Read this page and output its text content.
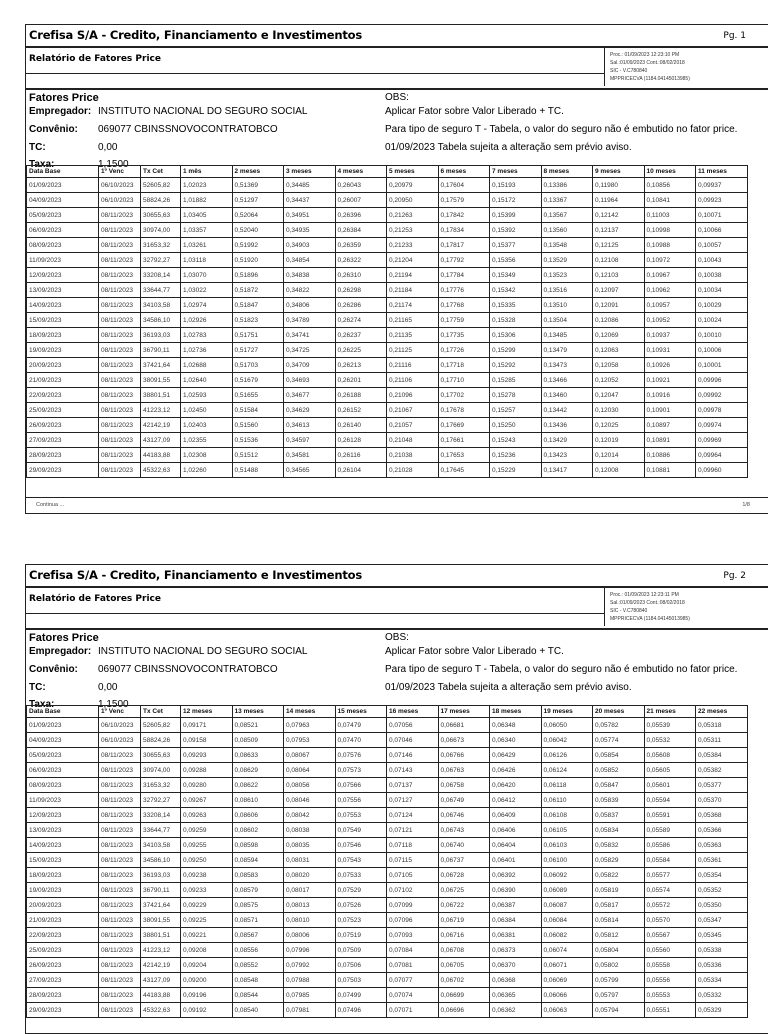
Crefisa S/A - Credito, Financiamento e Investimentos	Pg. 1
Relatório de Fatores Price	Proc.: 01/09/2023 12:23:10 PM
Sal.:01/09/2023 Cont.:08/02/2018
SIC - V.C780840
MPPRICECVA (1184.04145013985)
Fatores Price
Empregador: INSTITUTO NACIONAL DO SEGURO SOCIAL
Convênio: 069077 CBINSSNOVOCONTRATOBCO
TC:	0,00
Taxa:	1,1500
OBS:
Aplicar Fator sobre Valor Liberado + TC.
Para tipo de seguro T - Tabela, o valor do seguro não é embutido no fator price.
01/09/2023 Tabela sujeita a alteração sem prévio aviso.
Data Base	1º Venc	Tx Cet	1 mês	2 meses	3 meses	4 meses	5 meses	6 meses	7 meses	8 meses	9 meses	10 meses	11 meses
01/09/2023	06/10/2023	52605,82	1,02023	0,51369	0,34485	0,26043	0,20979	0,17604	0,15193	0,13386	0,11980	0,10856	0,09937
04/09/2023	06/10/2023	58824,26	1,01882	0,51297	0,34437	0,26007	0,20950	0,17579	0,15172	0,13367	0,11964	0,10841	0,09923
05/09/2023	08/11/2023	30655,63	1,03405	0,52064	0,34951	0,26396	0,21263	0,17842	0,15399	0,13567	0,12142	0,11003	0,10071
06/09/2023	08/11/2023	30974,00	1,03357	0,52040	0,34935	0,26384	0,21253	0,17834	0,15392	0,13560	0,12137	0,10998	0,10066
08/09/2023	08/11/2023	31653,32	1,03261	0,51992	0,34903	0,26359	0,21233	0,17817	0,15377	0,13548	0,12125	0,10988	0,10057
11/09/2023	08/11/2023	32792,27	1,03118	0,51920	0,34854	0,26322	0,21204	0,17792	0,15356	0,13529	0,12108	0,10972	0,10043
12/09/2023	08/11/2023	33208,14	1,03070	0,51896	0,34838	0,26310	0,21194	0,17784	0,15349	0,13523	0,12103	0,10967	0,10038
13/09/2023	08/11/2023	33644,77	1,03022	0,51872	0,34822	0,26298	0,21184	0,17776	0,15342	0,13516	0,12097	0,10962	0,10034
14/09/2023	08/11/2023	34103,58	1,02974	0,51847	0,34806	0,26286	0,21174	0,17768	0,15335	0,13510	0,12091	0,10957	0,10029
15/09/2023	08/11/2023	34586,10	1,02926	0,51823	0,34789	0,26274	0,21165	0,17759	0,15328	0,13504	0,12086	0,10952	0,10024
18/09/2023	08/11/2023	36193,03	1,02783	0,51751	0,34741	0,26237	0,21135	0,17735	0,15306	0,13485	0,12069	0,10937	0,10010
19/09/2023	08/11/2023	36790,11	1,02736	0,51727	0,34725	0,26225	0,21125	0,17726	0,15299	0,13479	0,12063	0,10931	0,10006
20/09/2023	08/11/2023	37421,64	1,02688	0,51703	0,34709	0,26213	0,21116	0,17718	0,15292	0,13473	0,12058	0,10926	0,10001
21/09/2023	08/11/2023	38091,55	1,02640	0,51679	0,34693	0,26201	0,21106	0,17710	0,15285	0,13466	0,12052	0,10921	0,09996
22/09/2023	08/11/2023	38801,51	1,02593	0,51655	0,34677	0,26188	0,21096	0,17702	0,15278	0,13460	0,12047	0,10916	0,09992
25/09/2023	08/11/2023	41223,12	1,02450	0,51584	0,34629	0,26152	0,21067	0,17678	0,15257	0,13442	0,12030	0,10901	0,09978
26/09/2023	08/11/2023	42142,19	1,02403	0,51560	0,34613	0,26140	0,21057	0,17669	0,15250	0,13436	0,12025	0,10897	0,09974
27/09/2023	08/11/2023	43127,09	1,02355	0,51536	0,34597	0,26128	0,21048	0,17661	0,15243	0,13429	0,12019	0,10891	0,09969
28/09/2023	08/11/2023	44183,88	1,02308	0,51512	0,34581	0,26116	0,21038	0,17653	0,15236	0,13423	0,12014	0,10886	0,09964
29/09/2023	08/11/2023	45322,63	1,02260	0,51488	0,34565	0,26104	0,21028	0,17645	0,15229	0,13417	0,12008	0,10881	0,09960
Continua ...	1/8
Crefisa S/A - Credito, Financiamento e Investimentos	Pg. 2
Relatório de Fatores Price	Proc.: 01/09/2023 12:23:11 PM
Sal.:01/09/2023 Cont.:08/02/2018
SIC - V.C780840
MPPRICECVA (1184.04145013985)
Fatores Price
Empregador: INSTITUTO NACIONAL DO SEGURO SOCIAL
Convênio: 069077 CBINSSNOVOCONTRATOBCO
TC:	0,00
Taxa:	1,1500
OBS:
Aplicar Fator sobre Valor Liberado + TC.
Para tipo de seguro T - Tabela, o valor do seguro não é embutido no fator price.
01/09/2023 Tabela sujeita a alteração sem prévio aviso.
Data Base	1º Venc	Tx Cet	12 meses	13 meses	14 meses	15 meses	16 meses	17 meses	18 meses	19 meses	20 meses	21 meses	22 meses
01/09/2023	06/10/2023	52605,82	0,09171	0,08521	0,07963	0,07479	0,07056	0,06681	0,06348	0,06050	0,05782	0,05539	0,05318
04/09/2023	06/10/2023	58824,26	0,09158	0,08509	0,07953	0,07470	0,07046	0,06673	0,06340	0,06042	0,05774	0,05532	0,05311
05/09/2023	08/11/2023	30655,63	0,09293	0,08633	0,08067	0,07576	0,07146	0,06766	0,06429	0,06126	0,05854	0,05608	0,05384
06/09/2023	08/11/2023	30974,00	0,09288	0,08629	0,08064	0,07573	0,07143	0,06763	0,06426	0,06124	0,05852	0,05605	0,05382
08/09/2023	08/11/2023	31653,32	0,09280	0,08622	0,08056	0,07566	0,07137	0,06758	0,06420	0,06118	0,05847	0,05601	0,05377
11/09/2023	08/11/2023	32792,27	0,09267	0,08610	0,08046	0,07556	0,07127	0,06749	0,06412	0,06110	0,05839	0,05594	0,05370
12/09/2023	08/11/2023	33208,14	0,09263	0,08606	0,08042	0,07553	0,07124	0,06746	0,06409	0,06108	0,05837	0,05591	0,05368
13/09/2023	08/11/2023	33644,77	0,09259	0,08602	0,08038	0,07549	0,07121	0,06743	0,06406	0,06105	0,05834	0,05589	0,05366
14/09/2023	08/11/2023	34103,58	0,09255	0,08598	0,08035	0,07546	0,07118	0,06740	0,06404	0,06103	0,05832	0,05586	0,05363
15/09/2023	08/11/2023	34586,10	0,09250	0,08594	0,08031	0,07543	0,07115	0,06737	0,06401	0,06100	0,05829	0,05584	0,05361
18/09/2023	08/11/2023	36193,03	0,09238	0,08583	0,08020	0,07533	0,07105	0,06728	0,06392	0,06092	0,05822	0,05577	0,05354
19/09/2023	08/11/2023	36790,11	0,09233	0,08579	0,08017	0,07529	0,07102	0,06725	0,06390	0,06089	0,05819	0,05574	0,05352
20/09/2023	08/11/2023	37421,64	0,09229	0,08575	0,08013	0,07526	0,07099	0,06722	0,06387	0,06087	0,05817	0,05572	0,05350
21/09/2023	08/11/2023	38091,55	0,09225	0,08571	0,08010	0,07523	0,07096	0,06719	0,06384	0,06084	0,05814	0,05570	0,05347
22/09/2023	08/11/2023	38801,51	0,09221	0,08567	0,08006	0,07519	0,07093	0,06716	0,06381	0,06082	0,05812	0,05567	0,05345
25/09/2023	08/11/2023	41223,12	0,09208	0,08556	0,07996	0,07509	0,07084	0,06708	0,06373	0,06074	0,05804	0,05560	0,05338
26/09/2023	08/11/2023	42142,19	0,09204	0,08552	0,07992	0,07506	0,07081	0,06705	0,06370	0,06071	0,05802	0,05558	0,05336
27/09/2023	08/11/2023	43127,09	0,09200	0,08548	0,07988	0,07503	0,07077	0,06702	0,06368	0,06069	0,05799	0,05556	0,05334
28/09/2023	08/11/2023	44183,88	0,09196	0,08544	0,07985	0,07499	0,07074	0,06699	0,06365	0,06066	0,05797	0,05553	0,05332
29/09/2023	08/11/2023	45322,63	0,09192	0,08540	0,07981	0,07496	0,07071	0,06696	0,06362	0,06063	0,05794	0,05551	0,05329
